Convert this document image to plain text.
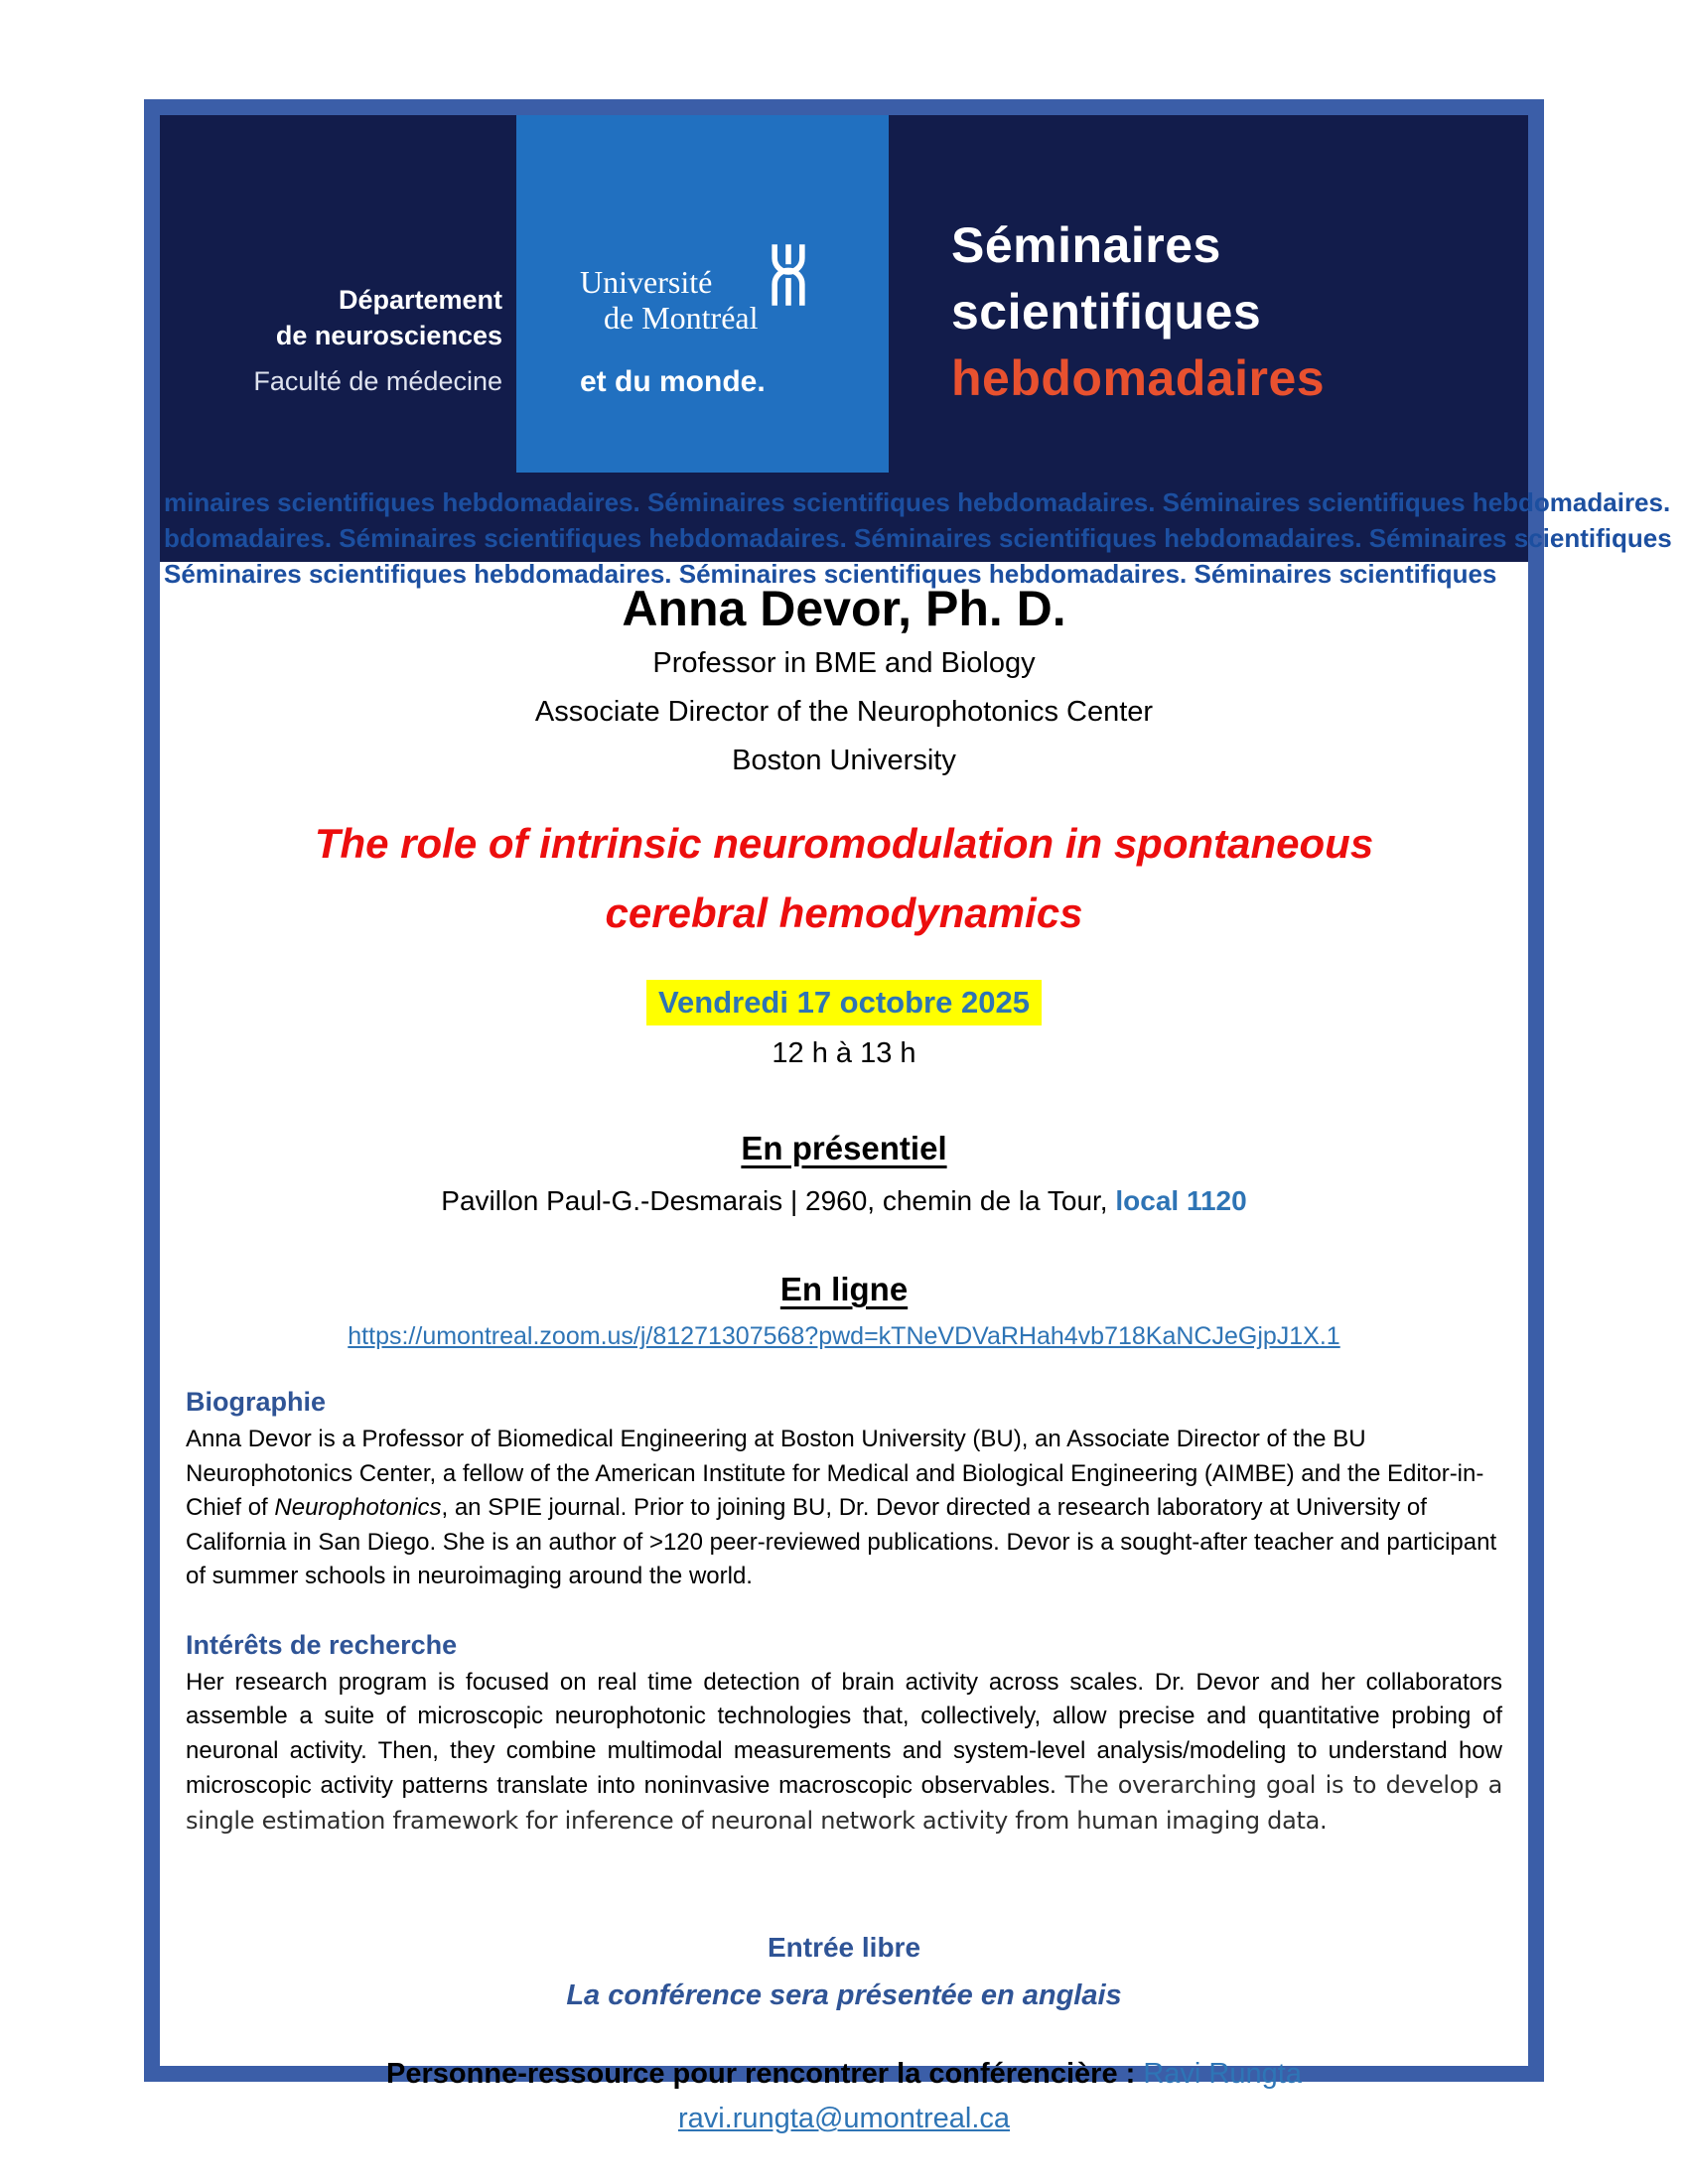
Département
de neurosciences
Faculté de médecine
Université
de Montréal
et du monde.
Séminaires
scientifiques
hebdomadaires
minaires scientifiques hebdomadaires. Séminaires scientifiques hebdomadaires. Séminaires scientifiques hebdomadaires.
bdomadaires. Séminaires scientifiques hebdomadaires. Séminaires scientifiques hebdomadaires. Séminaires scientifiques
Séminaires scientifiques hebdomadaires. Séminaires scientifiques hebdomadaires. Séminaires scientifiques
Anna Devor, Ph. D.
Professor in BME and Biology
Associate Director of the Neurophotonics Center
Boston University
The role of intrinsic neuromodulation in spontaneous
cerebral hemodynamics
Vendredi 17 octobre 2025
12 h à 13 h
En présentiel
Pavillon Paul-G.-Desmarais | 2960, chemin de la Tour, local 1120
En ligne
https://umontreal.zoom.us/j/81271307568?pwd=kTNeVDVaRHah4vb718KaNCJeGjpJ1X.1
Biographie
Anna Devor is a Professor of Biomedical Engineering at Boston University (BU), an Associate Director of the BU Neurophotonics Center, a fellow of the American Institute for Medical and Biological Engineering (AIMBE) and the Editor-in-Chief of Neurophotonics, an SPIE journal. Prior to joining BU, Dr. Devor directed a research laboratory at University of California in San Diego. She is an author of >120 peer-reviewed publications. Devor is a sought-after teacher and participant of summer schools in neuroimaging around the world.
Intérêts de recherche
Her research program is focused on real time detection of brain activity across scales. Dr. Devor and her collaborators assemble a suite of microscopic neurophotonic technologies that, collectively, allow precise and quantitative probing of neuronal activity. Then, they combine multimodal measurements and system-level analysis/modeling to understand how microscopic activity patterns translate into noninvasive macroscopic observables. The overarching goal is to develop a single estimation framework for inference of neuronal network activity from human imaging data.
Entrée libre
La conférence sera présentée en anglais
Personne-ressource pour rencontrer la conférencière : Ravi Rungta
ravi.rungta@umontreal.ca
